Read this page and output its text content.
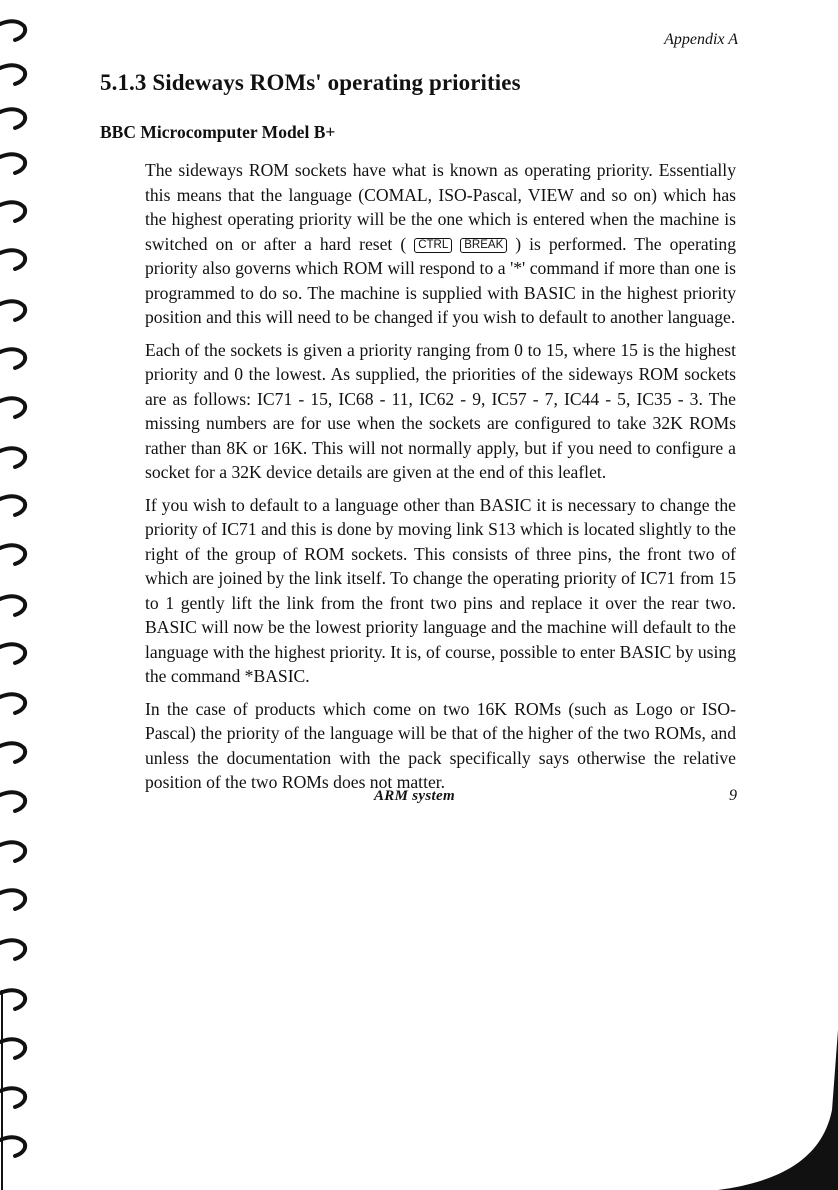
Appendix A
5.1.3 Sideways ROMs' operating priorities
BBC Microcomputer Model B+

The sideways ROM sockets have what is known as operating priority. Essentially this means that the language (COMAL, ISO-Pascal, VIEW and so on) which has the highest operating priority will be the one which is entered when the machine is switched on or after a hard reset ( CTRL BREAK ) is performed. The operating priority also governs which ROM will respond to a '*' command if more than one is programmed to do so. The machine is supplied with BASIC in the highest priority position and this will need to be changed if you wish to default to another language.

Each of the sockets is given a priority ranging from 0 to 15, where 15 is the highest priority and 0 the lowest. As supplied, the priorities of the sideways ROM sockets are as follows: IC71 - 15, IC68 - 11, IC62 - 9, IC57 - 7, IC44 - 5, IC35 - 3. The missing numbers are for use when the sockets are configured to take 32K ROMs rather than 8K or 16K. This will not normally apply, but if you need to configure a socket for a 32K device details are given at the end of this leaflet.

If you wish to default to a language other than BASIC it is necessary to change the priority of IC71 and this is done by moving link S13 which is located slightly to the right of the group of ROM sockets. This consists of three pins, the front two of which are joined by the link itself. To change the operating priority of IC71 from 15 to 1 gently lift the link from the front two pins and replace it over the rear two. BASIC will now be the lowest priority language and the machine will default to the language with the highest priority. It is, of course, possible to enter BASIC by using the command *BASIC.

In the case of products which come on two 16K ROMs (such as Logo or ISO-Pascal) the priority of the language will be that of the higher of the two ROMs, and unless the documentation with the pack specifically says otherwise the relative position of the two ROMs does not matter.

ARM system	9
